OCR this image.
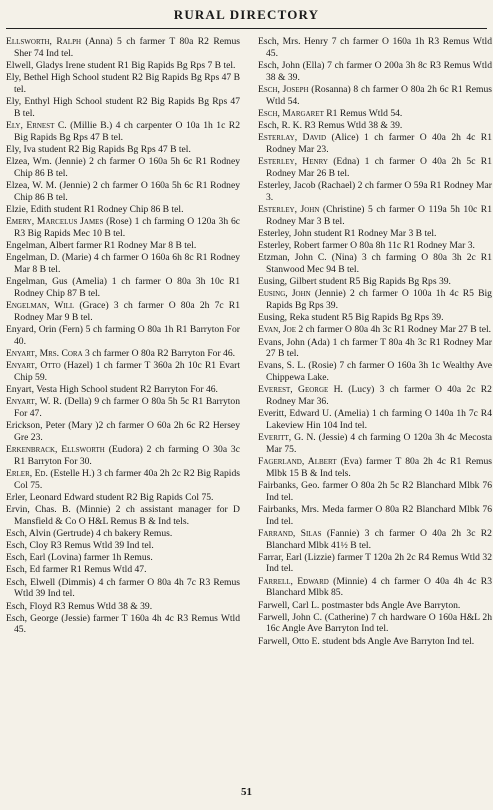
RURAL DIRECTORY
Ellsworth, Ralph (Anna) 5 ch farmer T 80a R2 Remus Sher 74 Ind tel.
Elwell, Gladys Irene student R1 Big Rapids Bg Rps 7 B tel.
Ely, Bethel High School student R2 Big Rapids Bg Rps 47 B tel.
Ely, Enthyl High School student R2 Big Rapids Bg Rps 47 B tel.
Ely, Ernest C. (Millie B.) 4 ch carpenter O 10a 1h 1c R2 Big Rapids Bg Rps 47 B tel.
Ely, Iva student R2 Big Rapids Bg Rps 47 B tel.
Elzea, Wm. (Jennie) 2 ch farmer O 160a 5h 6c R1 Rodney Chip 86 B tel.
Elzea, W. M. (Jennie) 2 ch farmer O 160a 5h 6c R1 Rodney Chip 86 B tel.
Elzie, Edith student R1 Rodney Chip 86 B tel.
Emery, Marcelus James (Rose) 1 ch farming O 120a 3h 6c R3 Big Rapids Mec 10 B tel.
Engelman, Albert farmer R1 Rodney Mar 8 B tel.
Engelman, D. (Marie) 4 ch farmer O 160a 6h 8c R1 Rodney Mar 8 B tel.
Engelman, Gus (Amelia) 1 ch farmer O 80a 3h 10c R1 Rodney Chip 87 B tel.
Engelman, Will (Grace) 3 ch farmer O 80a 2h 7c R1 Rodney Mar 9 B tel.
Enyard, Orin (Fern) 5 ch farming O 80a 1h R1 Barryton For 40.
Enyart, Mrs. Cora 3 ch farmer O 80a R2 Barryton For 46.
Enyart, Otto (Hazel) 1 ch farmer T 360a 2h 10c R1 Evart Chip 59.
Enyart, Vesta High School student R2 Barryton For 46.
Enyart, W. R. (Della) 9 ch farmer O 80a 5h 5c R1 Barryton For 47.
Erickson, Peter (Mary )2 ch farmer O 60a 2h 6c R2 Hersey Gre 23.
Erkenbrack, Ellsworth (Eudora) 2 ch farming O 30a 3c R1 Barryton For 30.
Erler, Ed. (Estelle H.) 3 ch farmer 40a 2h 2c R2 Big Rapids Col 75.
Erler, Leonard Edward student R2 Big Rapids Col 75.
Ervin, Chas. B. (Minnie) 2 ch assistant manager for D Mansfield & Co O H&L Remus B & Ind tels.
Esch, Alvin (Gertrude) 4 ch bakery Remus.
Esch, Cloy R3 Remus Wtld 39 Ind tel.
Esch, Earl (Lovina) farmer 1h Remus.
Esch, Ed farmer R1 Remus Wtld 47.
Esch, Elwell (Dimmis) 4 ch farmer O 80a 4h 7c R3 Remus Wtld 39 Ind tel.
Esch, Floyd R3 Remus Wtld 38 & 39.
Esch, George (Jessie) farmer T 160a 4h 4c R3 Remus Wtld 45.
Esch, Mrs. Henry 7 ch farmer O 160a 1h R3 Remus Wtld 45.
Esch, John (Ella) 7 ch farmer O 200a 3h 8c R3 Remus Wtld 38 & 39.
Esch, Joseph (Rosanna) 8 ch farmer O 80a 2h 6c R1 Remus Wtld 54.
Esch, Margaret R1 Remus Wtld 54.
Esch, R. K. R3 Remus Wtld 38 & 39.
Esterlay, David (Alice) 1 ch farmer O 40a 2h 4c R1 Rodney Mar 23.
Esterley, Henry (Edna) 1 ch farmer O 40a 2h 5c R1 Rodney Mar 26 B tel.
Esterley, Jacob (Rachael) 2 ch farmer O 59a R1 Rodney Mar 3.
Esterley, John (Christine) 5 ch farmer O 119a 5h 10c R1 Rodney Mar 3 B tel.
Esterley, John student R1 Rodney Mar 3 B tel.
Esterley, Robert farmer O 80a 8h 11c R1 Rodney Mar 3.
Etzman, John C. (Nina) 3 ch farming O 80a 3h 2c R1 Stanwood Mec 94 B tel.
Eusing, Gilbert student R5 Big Rapids Bg Rps 39.
Eusing, John (Jennie) 2 ch farmer O 100a 1h 4c R5 Big Rapids Bg Rps 39.
Eusing, Reka student R5 Big Rapids Bg Rps 39.
Evan, Joe 2 ch farmer O 80a 4h 3c R1 Rodney Mar 27 B tel.
Evans, John (Ada) 1 ch farmer T 80a 4h 3c R1 Rodney Mar 27 B tel.
Evans, S. L. (Rosie) 7 ch farmer O 160a 3h 1c Wealthy Ave Chippewa Lake.
Everest, George H. (Lucy) 3 ch farmer O 40a 2c R2 Rodney Mar 36.
Everitt, Edward U. (Amelia) 1 ch farming O 140a 1h 7c R4 Lakeview Hin 104 Ind tel.
Everitt, G. N. (Jessie) 4 ch farming O 120a 3h 4c Mecosta Mar 75.
Fagerland, Albert (Eva) farmer T 80a 2h 4c R1 Remus Mlbk 15 B & Ind tels.
Fairbanks, Geo. farmer O 80a 2h 5c R2 Blanchard Mlbk 76 Ind tel.
Fairbanks, Mrs. Meda farmer O 80a R2 Blanchard Mlbk 76 Ind tel.
Farrand, Silas (Fannie) 3 ch farmer O 40a 2h 3c R2 Blanchard Mlbk 41½ B tel.
Farrar, Earl (Lizzie) farmer T 120a 2h 2c R4 Remus Wtld 32 Ind tel.
Farrell, Edward (Minnie) 4 ch farmer O 40a 4h 4c R3 Blanchard Mlbk 85.
Farwell, Carl L. postmaster bds Angle Ave Barryton.
Farwell, John C. (Catherine) 7 ch hardware O 160a H&L 2h 16c Angle Ave Barryton Ind tel.
Farwell, Otto E. student bds Angle Ave Barryton Ind tel.
51
